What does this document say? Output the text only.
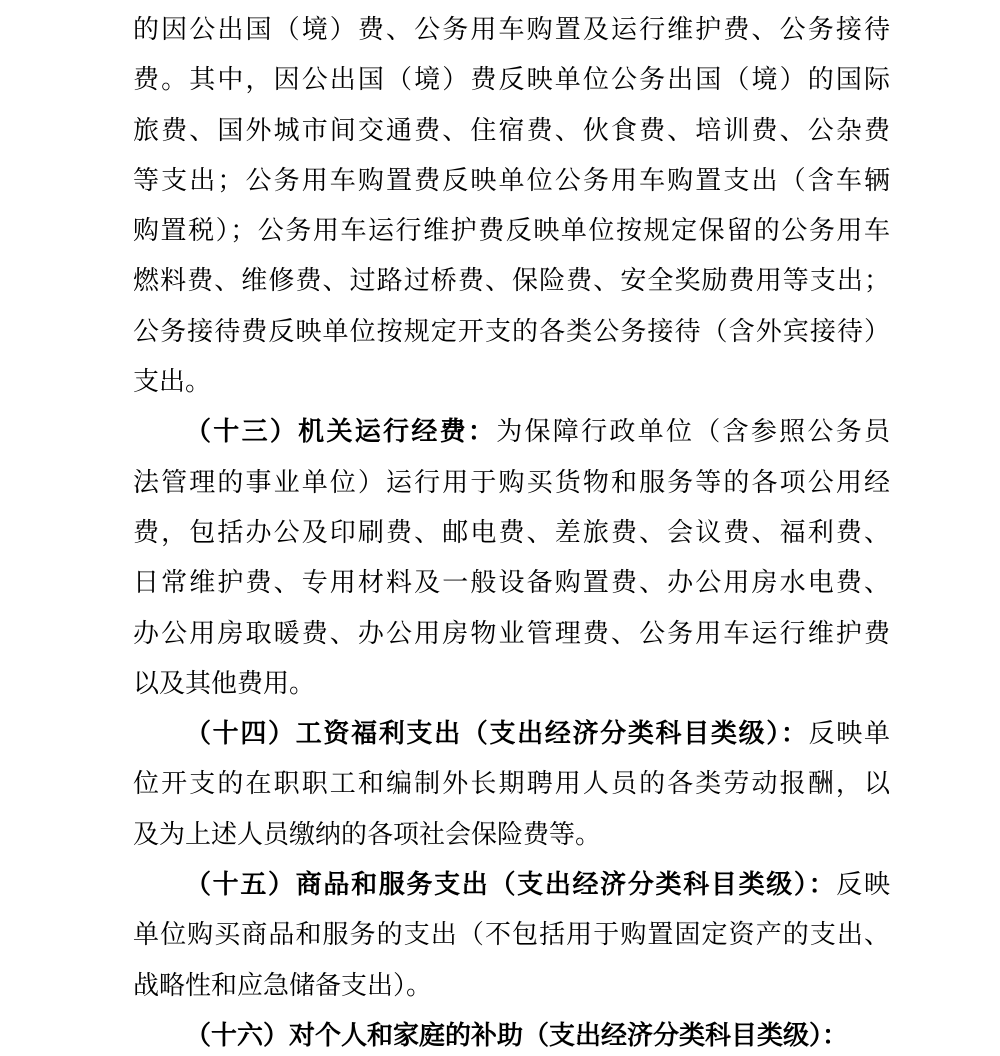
的因公出国（境）费、公务用车购置及运行维护费、公务接待
费。其中，因公出国（境）费反映单位公务出国（境）的国际
旅费、国外城市间交通费、住宿费、伙食费、培训费、公杂费
等支出；公务用车购置费反映单位公务用车购置支出（含车辆
购置税）；公务用车运行维护费反映单位按规定保留的公务用车
燃料费、维修费、过路过桥费、保险费、安全奖励费用等支出；
公务接待费反映单位按规定开支的各类公务接待（含外宾接待）
支出。
（十三）机关运行经费：为保障行政单位（含参照公务员
法管理的事业单位）运行用于购买货物和服务等的各项公用经
费，包括办公及印刷费、邮电费、差旅费、会议费、福利费、
日常维护费、专用材料及一般设备购置费、办公用房水电费、
办公用房取暖费、办公用房物业管理费、公务用车运行维护费
以及其他费用。
（十四）工资福利支出（支出经济分类科目类级）：反映单
位开支的在职职工和编制外长期聘用人员的各类劳动报酬，以
及为上述人员缴纳的各项社会保险费等。
（十五）商品和服务支出（支出经济分类科目类级）：反映
单位购买商品和服务的支出（不包括用于购置固定资产的支出、
战略性和应急储备支出）。
（十六）对个人和家庭的补助（支出经济分类科目类级）：
